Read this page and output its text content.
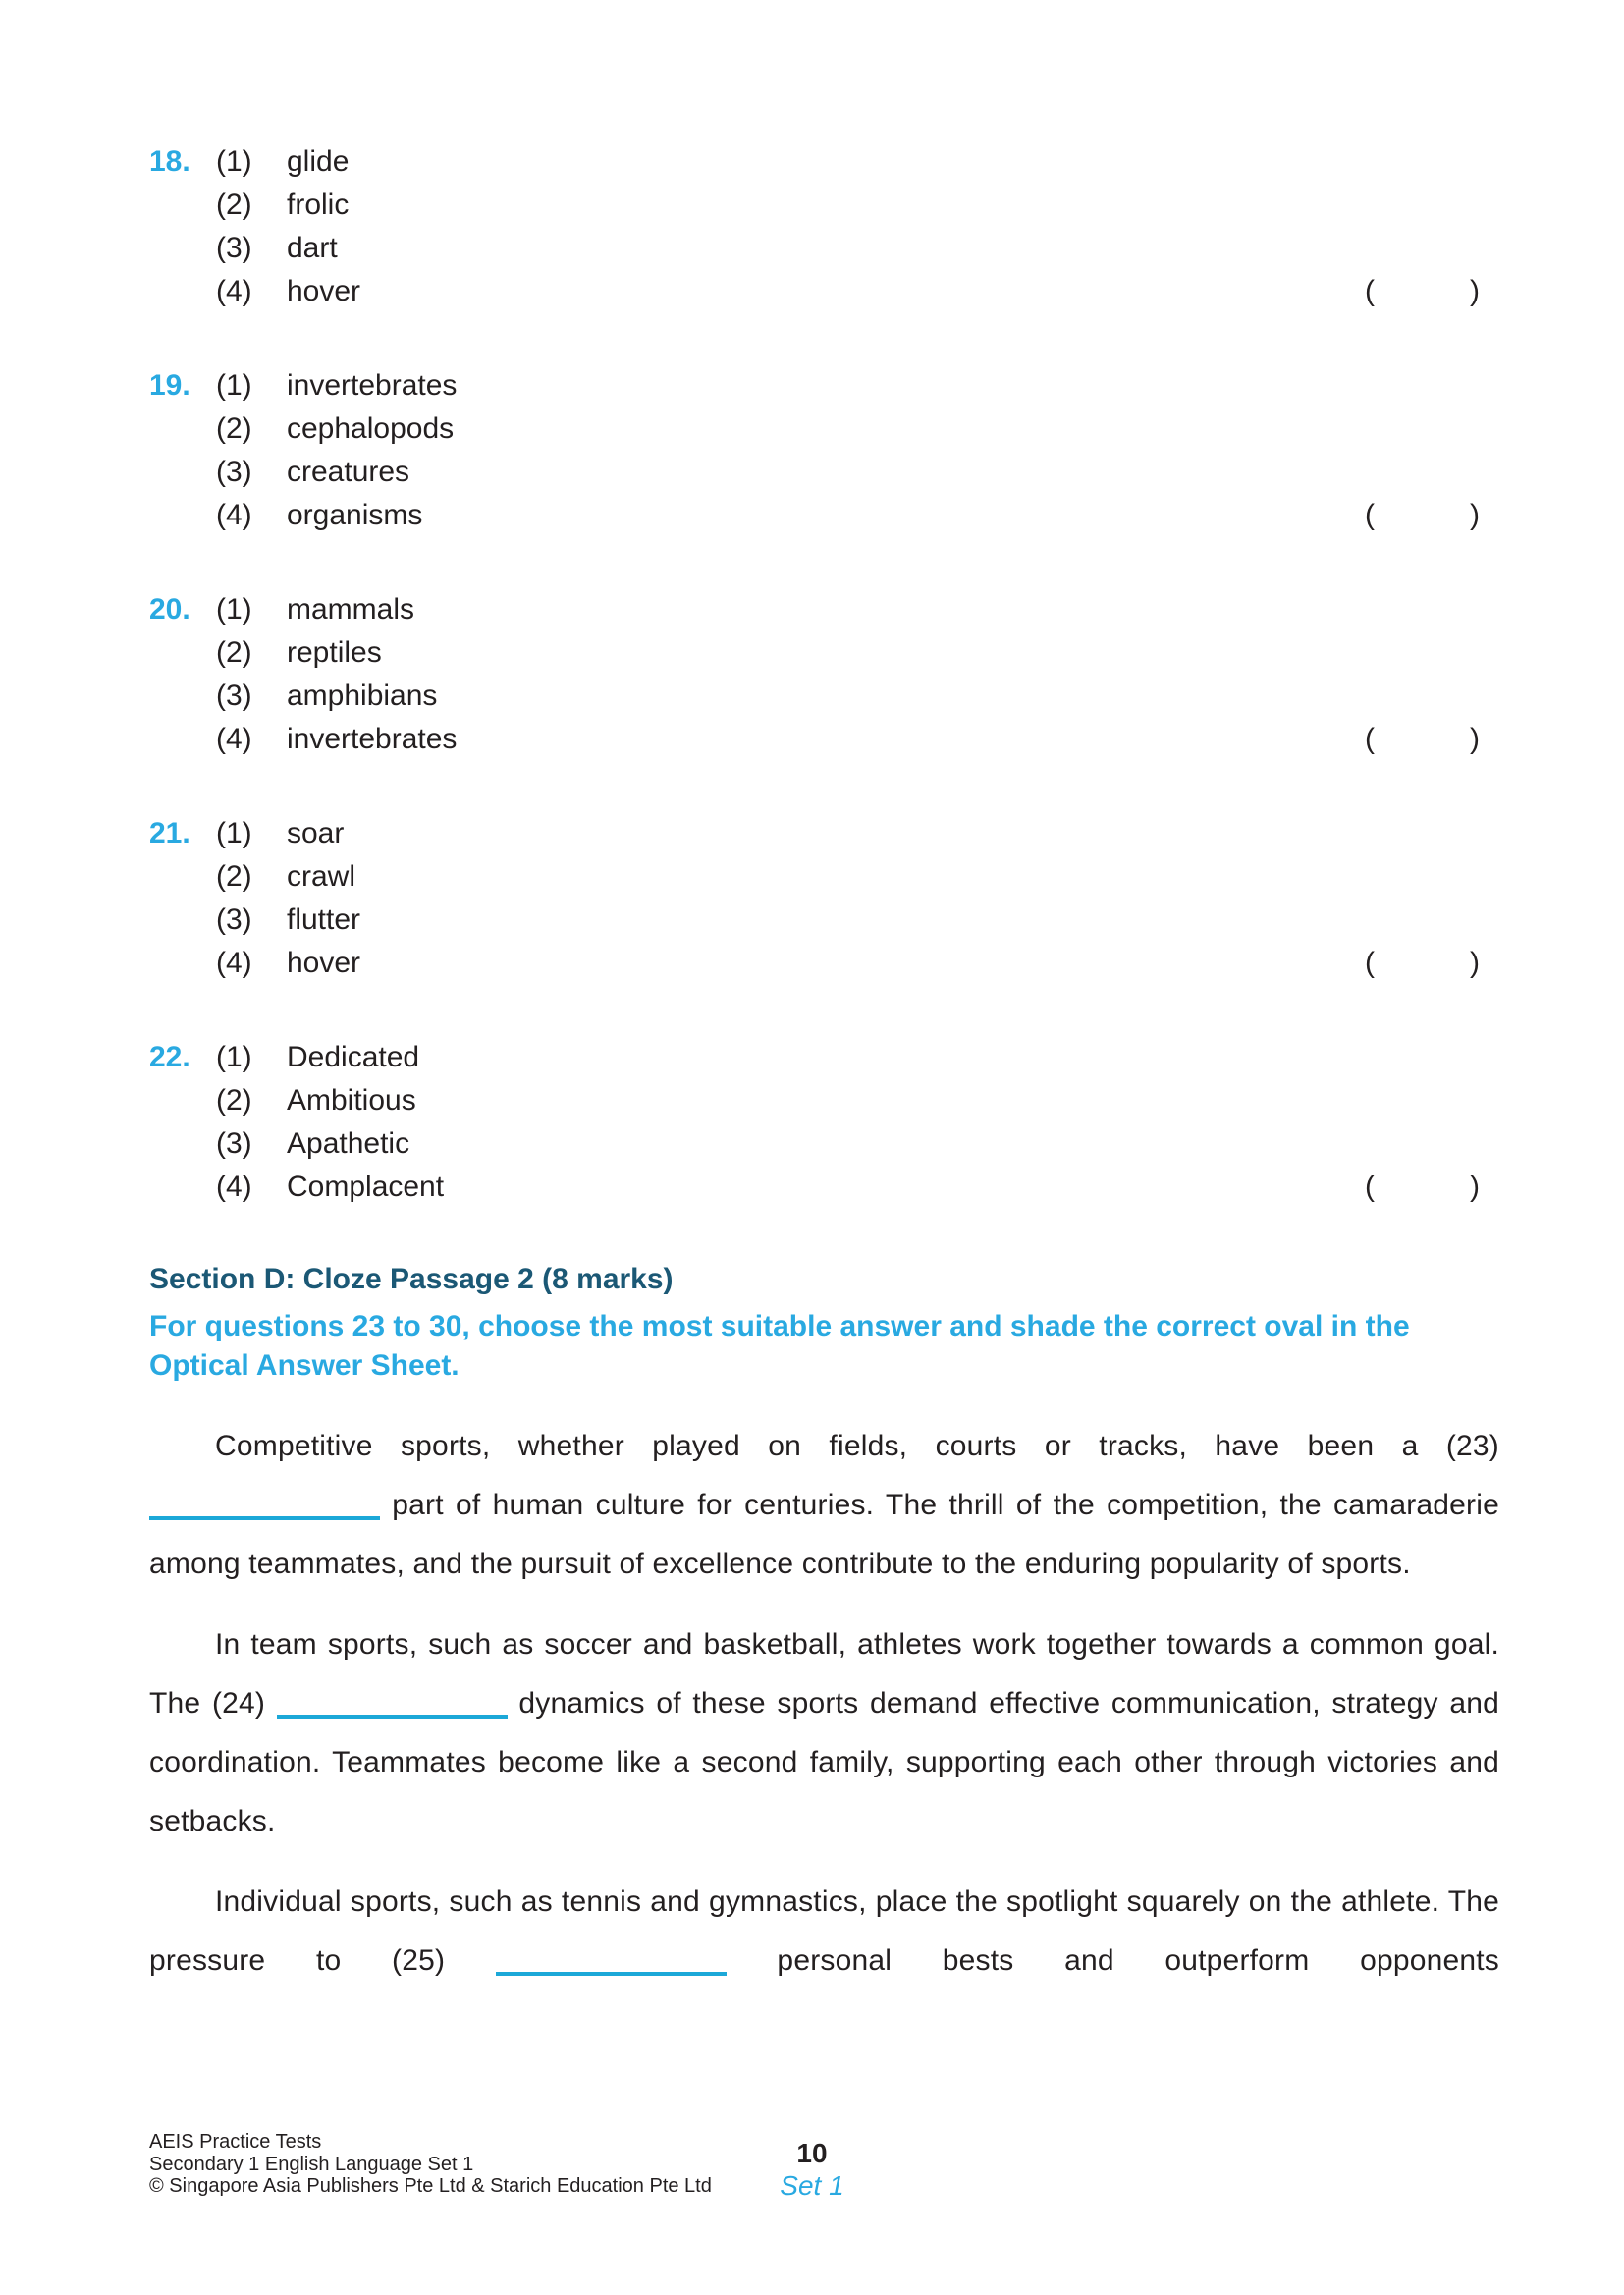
18. (1)	glide
(2)	frolic
(3)	dart
(4)	hover	(	)
19. (1)	invertebrates
(2)	cephalopods
(3)	creatures
(4)	organisms	(	)
20. (1)	mammals
(2)	reptiles
(3)	amphibians
(4)	invertebrates	(	)
21. (1)	soar
(2)	crawl
(3)	flutter
(4)	hover	(	)
22. (1)	Dedicated
(2)	Ambitious
(3)	Apathetic
(4)	Complacent	(	)
Section D: Cloze Passage 2 (8 marks)

For questions 23 to 30, choose the most suitable answer and shade the correct oval in the Optical Answer Sheet.

Competitive sports, whether played on fields, courts or tracks, have been a (23)  part of human culture for centuries. The thrill of the competition, the camaraderie among teammates, and the pursuit of excellence contribute to the enduring popularity of sports.

In team sports, such as soccer and basketball, athletes work together towards a common goal. The (24)	dynamics of these sports demand effective communication, strategy and coordination. Teammates become like a second family, supporting each other through victories and setbacks.

Individual sports, such as tennis and gymnastics, place the spotlight squarely on the athlete. The pressure to (25)	personal bests and outperform opponents

AEIS Practice Tests
Secondary 1 English Language Set 1
© Singapore Asia Publishers Pte Ltd & Starich Education Pte Ltd
10
Set 1
